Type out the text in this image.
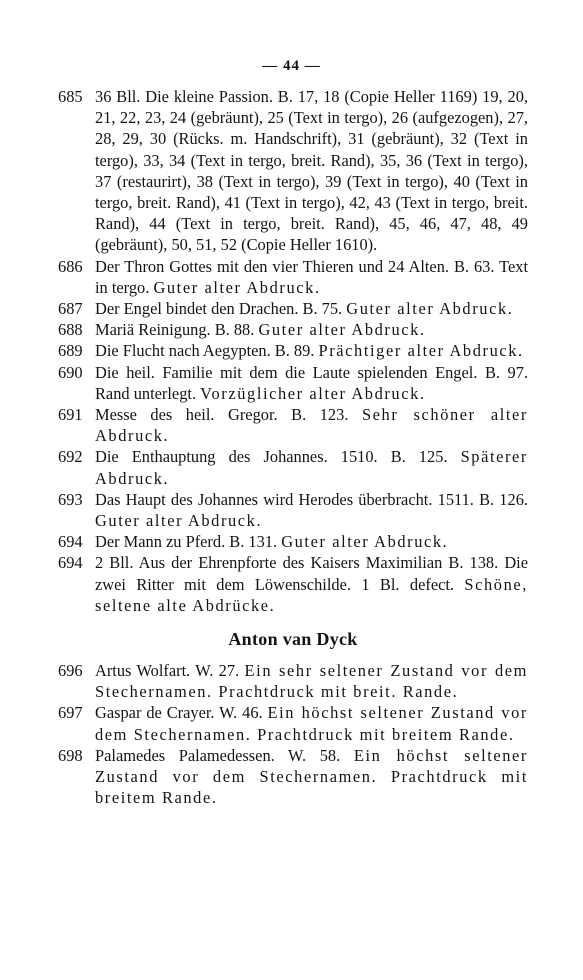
— 44 —
685 36 Bll. Die kleine Passion. B. 17, 18 (Copie Heller 1169) 19, 20, 21, 22, 23, 24 (gebräunt), 25 (Text in tergo), 26 (aufgezogen), 27, 28, 29, 30 (Rücks. m. Handschrift), 31 (gebräunt), 32 (Text in tergo), 33, 34 (Text in tergo, breit. Rand), 35, 36 (Text in tergo), 37 (restaurirt), 38 (Text in tergo), 39 (Text in tergo), 40 (Text in tergo, breit. Rand), 41 (Text in tergo), 42, 43 (Text in tergo, breit. Rand), 44 (Text in tergo, breit. Rand), 45, 46, 47, 48, 49 (gebräunt), 50, 51, 52 (Copie Heller 1610).
686 Der Thron Gottes mit den vier Thieren und 24 Alten. B. 63. Text in tergo. Guter alter Abdruck.
687 Der Engel bindet den Drachen. B. 75. Guter alter Abdruck.
688 Mariä Reinigung. B. 88. Guter alter Abdruck.
689 Die Flucht nach Aegypten. B. 89. Prächtiger alter Abdruck.
690 Die heil. Familie mit dem die Laute spielenden Engel. B. 97. Rand unterlegt. Vorzüglicher alter Abdruck.
691 Messe des heil. Gregor. B. 123. Sehr schöner alter Abdruck.
692 Die Enthauptung des Johannes. 1510. B. 125. Späterer Abdruck.
693 Das Haupt des Johannes wird Herodes überbracht. 1511. B. 126. Guter alter Abdruck.
694 Der Mann zu Pferd. B. 131. Guter alter Abdruck.
694 2 Bll. Aus der Ehrenpforte des Kaisers Maximilian B. 138. Die zwei Ritter mit dem Löwenschilde. 1 Bl. defect. Schöne, seltene alte Abdrücke.
Anton van Dyck
696 Artus Wolfart. W. 27. Ein sehr seltener Zustand vor dem Stechernamen. Prachtdruck mit breit. Rande.
697 Gaspar de Crayer. W. 46. Ein höchst seltener Zustand vor dem Stechernamen. Prachtdruck mit breitem Rande.
698 Palamedes Palamedessen. W. 58. Ein höchst seltener Zustand vor dem Stechernamen. Prachtdruck mit breitem Rande.
